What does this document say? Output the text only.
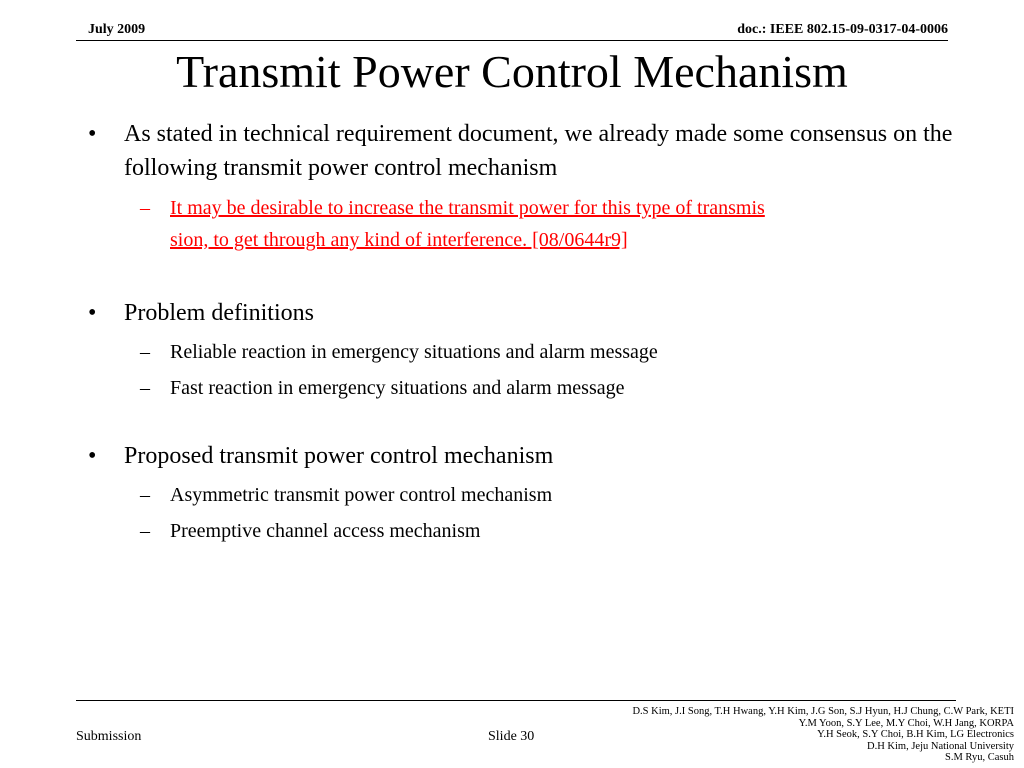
July 2009	doc.: IEEE 802.15-09-0317-04-0006
Transmit Power Control Mechanism
• As stated in technical requirement document, we already made some consensus on the following transmit power control mechanism
– It may be desirable to increase the transmit power for this type of transmis
sion, to get through any kind of interference. [08/0644r9]
• Problem definitions
– Reliable reaction in emergency situations and alarm message
– Fast reaction in emergency situations and alarm message
• Proposed transmit power control mechanism
– Asymmetric transmit power control mechanism
– Preemptive channel access mechanism
Submission	Slide 30
D.S Kim, J.I Song, T.H Hwang, Y.H Kim, J.G Son, S.J Hyun, H.J Chung, C.W Park, KETI
Y.M Yoon, S.Y Lee, M.Y Choi, W.H Jang, KORPA
Y.H Seok, S.Y Choi, B.H Kim, LG Electronics
D.H Kim, Jeju National University
S.M Ryu, Casuh
